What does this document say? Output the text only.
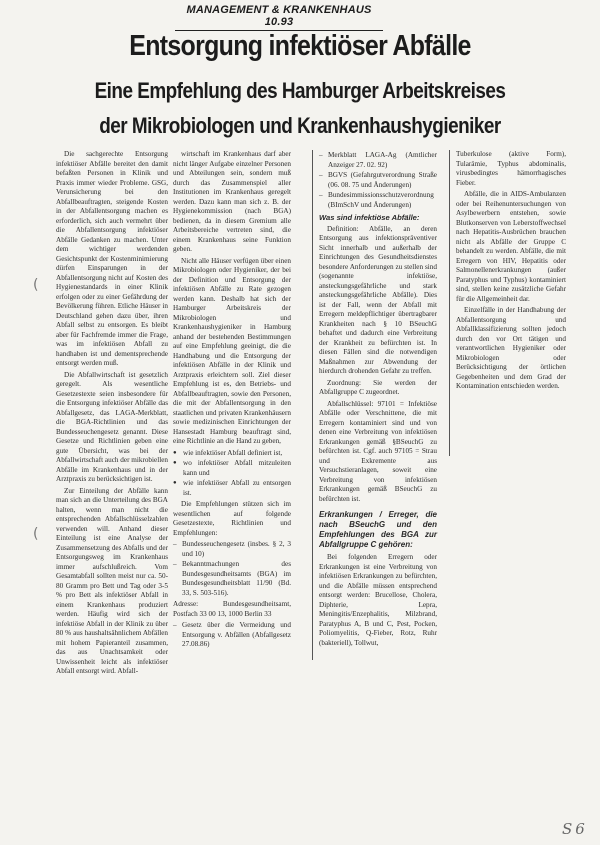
MANAGEMENT & KRANKENHAUS 10.93
Entsorgung infektiöser Abfälle
Eine Empfehlung des Hamburger Arbeitskreises
der Mikrobiologen und Krankenhaushygieniker
(
(

Die sachgerechte Entsorgung infektiöser Abfälle bereitet den damit befaßten Personen in Klinik und Praxis immer wieder Probleme. GSG, Verunsicherung bei den Abfallbeauftragten, steigende Kosten in der Abfallentsorgung machen es erforderlich, sich auch vermehrt über die Abfallentsorgung infektiöser Abfälle Gedanken zu machen. Unter dem wichtiger werdenden Gesichtspunkt der Kostenminimierung dürfen Einsparungen in der Abfallentsorgung nicht auf Kosten des Hygienestandards in einer Klinik erfolgen oder zu einer Gefährdung der Bevölkerung führen. Etliche Häuser in Deutschland gehen dazu über, ihren Abfall selbst zu entsorgen. Es bleibt aber für Fachfremde immer die Frage, was im infektiösen Abfall zu handhaben ist und dementsprechende entsorgt werden muß.

Die Abfallwirtschaft ist gesetzlich geregelt. Als wesentliche Gesetzestexte seien insbesondere für die Entsorgung infektiöser Abfälle das Abfallgesetz, das LAGA-Merkblatt, die BGA-Richtlinien und das Bundesseuchengesetz genannt. Diese Gesetze und Richtlinien geben eine gute Übersicht, was bei der Abfallwirtschaft auch der mikrobiellen Abfälle im Krankenhaus und in der Arztpraxis zu berücksichtigen ist.

Zur Einteilung der Abfälle kann man sich an die Unterteilung des BGA halten, wenn man nicht die entsprechenden Abfallschlüsselzahlen verwenden will. Anhand dieser Einteilung ist eine Analyse der Zusammensetzung des Abfalls und der Entsorgungsweg im Krankenhaus immer aufschlußreich. Vom Gesamtabfall sollten meist nur ca. 50-80 Gramm pro Bett und Tag oder 3-5 % pro Bett als infektiöser Abfall in einem Krankenhaus produziert werden. Häufig wird sich der infektiöse Abfall in der Klinik zu über 80 % aus haushaltsähnlichem Abfällen mit hohem Papieranteil zusammen, das aus Unachtsamkeit oder Unwissenheit leicht als infektiöser Abfall entsorgt wird. Abfall-

wirtschaft im Krankenhaus darf aber nicht länger Aufgabe einzelner Personen und Abteilungen sein, sondern muß durch das Zusammenspiel aller Institutionen im Krankenhaus geregelt werden. Dazu kann man sich z. B. der Hygienekommission (nach BGA) bedienen, da in diesem Gremium alle Arbeitsbereiche vertreten sind, die einem Krankenhaus seine Funktion geben.

Nicht alle Häuser verfügen über einen Mikrobiologen oder Hygieniker, der bei der Definition und Entsorgung der infektiösen Abfälle zu Rate gezogen werden kann. Deshalb hat sich der Hamburger Arbeitskreis der Mikrobiologen und Krankenhaushygieniker in Hamburg anhand der bestehenden Bestimmungen auf eine Empfehlung geeinigt, die die Handhabung und die Entsorgung der infektiösen Abfälle in der Klinik und Arztpraxis erleichtern soll. Ziel dieser Empfehlung ist es, den Betriebs- und Abfallbeauftragten, sowie den Personen, die mit der Abfallentsorgung in den staatlichen und privaten Krankenhäusern sowie medizinischen Einrichtungen der Hansestadt Hamburg beauftragt sind, eine Richtlinie an die Hand zu geben,

● wie infektiöser Abfall definiert ist,
● wo infektiöser Abfall mitzuleiten kann und
● wie infektiöser Abfall zu entsorgen ist.

Die Empfehlungen stützen sich im wesentlichen auf folgende Gesetzestexte, Richtlinien und Empfehlungen:

– Bundesseuchengesetz (insbes. § 2, 3 und 10)
– Bekanntmachungen des Bundesgesundheitsamts (BGA) im Bundesgesundheitsblatt 11/90 (Bd. 33, S. 503-516).

Adresse: Bundesgesundheitsamt, Postfach 33 00 13, 1000 Berlin 33

– Gesetz über die Vermeidung und Entsorgung v. Abfällen (Abfallgesetz 27.08.86)
– Merkblatt LAGA-Ag (Amtlicher Anzeiger 27. 02. 92)
– BGVS (Gefahrgutverordnung Straße (06. 08. 75 und Änderungen)
– Bundesimmissionsschutzverordnung (BImSchV und Änderungen)
Was sind infektiöse Abfälle:

Definition: Abfälle, an deren Entsorgung aus infektionspräventiver Sicht innerhalb und außerhalb der Einrichtungen des Gesundheitsdienstes besondere Anforderungen zu stellen sind (sogenannte infektiöse, ansteckungsgefährliche und stark ansteckungsgefährliche Abfälle). Dies ist der Fall, wenn der Abfall mit Erregern meldepflichtiger übertragbarer Krankheiten nach § 10 BSeuchG behaftet und dadurch eine Verbreitung der Krankheit zu befürchten ist. In diesen Fällen sind die notwendigen Maßnahmen zur Abwendung der hierdurch drohenden Gefahr zu treffen.

Zuordnung: Sie werden der Abfallgruppe C zugeordnet.

Abfallschlüssel: 97101 = Infektiöse Abfälle oder Verschnittene, die mit Erregern kontaminiert sind und von denen eine Verbreitung von infektiösen Erkrankungen gemäß §BSeuchG zu befürchten ist. Cgf. auch 97105 = Strau und Exkremente aus Versuchstieranlagen, soweit eine Verbreitung von infektiösen Erkrankungen gemäß BSeuchG zu befürchten ist.

Erkrankungen / Erreger, die nach BSeuchG und den Empfehlungen des BGA zur Abfallgruppe C gehören:

Bei folgenden Erregern oder Erkrankungen ist eine Verbreitung von infektiösen Erkrankungen zu befürchten, und die Abfälle müssen entsprechend entsorgt werden: Brucellose, Cholera, Diphterie, Lepra, Meningitis/Enzephalitis, Milzbrand, Paratyphus A, B und C, Pest, Pocken, Poliomyelitis, Q-Fieber, Rotz, Ruhr (bakteriell), Tollwut,

Tuberkulose (aktive Form), Tularämie, Typhus abdominalis, virusbedingtes hämorrhagisches Fieber.

Abfälle, die in AIDS-Ambulanzen oder bei Reihenuntersuchungen von Asylbewerbern entstehen, sowie Blutkonserven von Leberstoffwechsel nach Hepatitis-Ausbrüchen brauchen nicht als Abfälle der Gruppe C behandelt zu werden. Abfälle, die mit Erregern von HIV, Hepatitis oder Salmonellenerkrankungen (außer Paratyphus und Typhus) kontaminiert sind, stellen keine zusätzliche Gefahr für die Allgemeinheit dar.

Einzelfälle in der Handhabung der Abfallentsorgung und Abfallklassifizierung sollten jedoch durch den vor Ort tätigen und verantwortlichen Hygieniker oder Mikrobiologen oder Berücksichtigung der örtlichen Gegebenheiten und dem Grad der Kontamination entschieden werden.

S6
